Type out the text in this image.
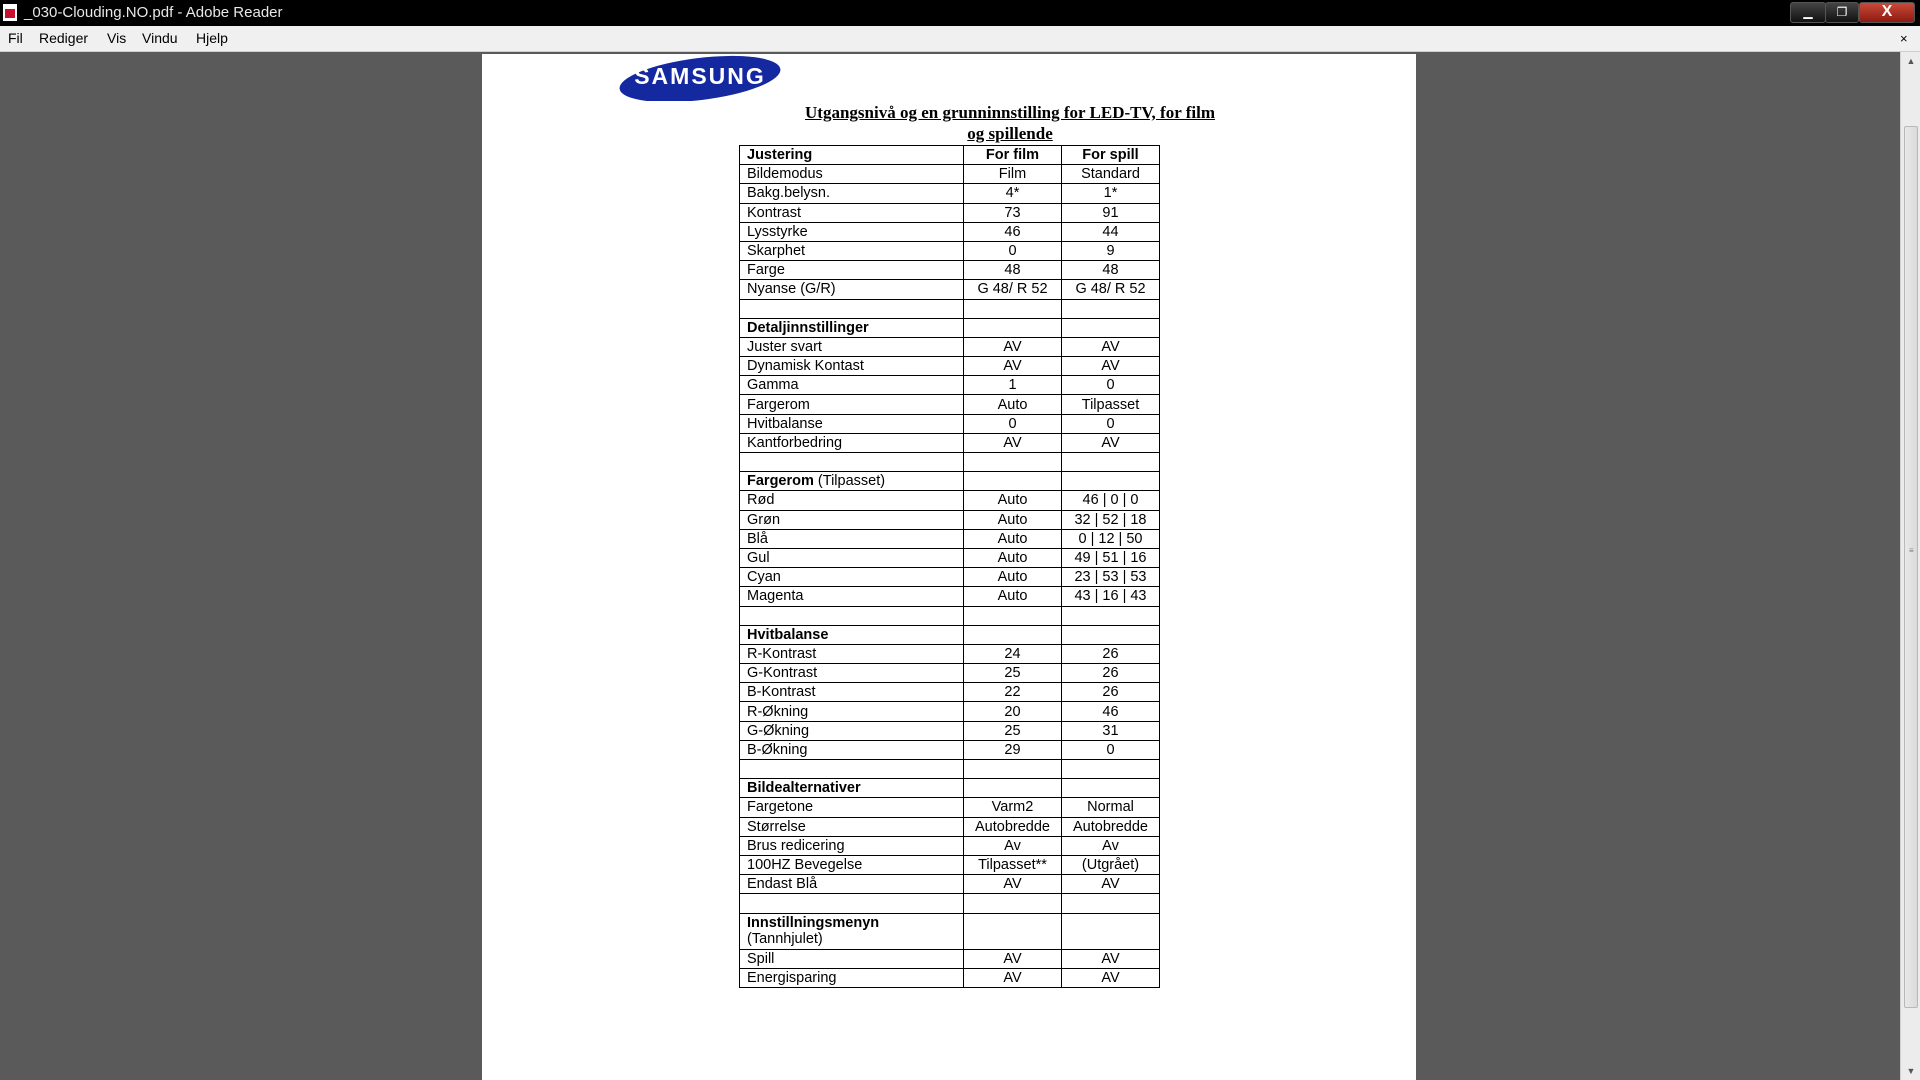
_030-Clouding.NO.pdf - Adobe Reader	▁	❐	X
Fil Rediger Vis Vindu Hjelp	×
▲
≡
▼
SAMSUNG
Utgangsnivå og en grunninnstilling for LED-TV, for film og spillende
Justering	For film	For spill
Bildemodus	Film	Standard
Bakg.belysn.	4*	1*
Kontrast	73	91
Lysstyrke	46	44
Skarphet	0	9
Farge	48	48
Nyanse (G/R)	G 48/ R 52	G 48/ R 52

Detaljinnstillinger		
Juster svart	AV	AV
Dynamisk Kontast	AV	AV
Gamma	1	0
Fargerom	Auto	Tilpasset
Hvitbalanse	0	0
Kantforbedring	AV	AV

Fargerom (Tilpasset)		
Rød	Auto	46 | 0 | 0
Grøn	Auto	32 | 52 | 18
Blå	Auto	0 | 12 | 50
Gul	Auto	49 | 51 | 16
Cyan	Auto	23 | 53 | 53
Magenta	Auto	43 | 16 | 43

Hvitbalanse		
R-Kontrast	24	26
G-Kontrast	25	26
B-Kontrast	22	26
R-Økning	20	46
G-Økning	25	31
B-Økning	29	0

Bildealternativer		
Fargetone	Varm2	Normal
Størrelse	Autobredde	Autobredde
Brus redicering	Av	Av
100HZ Bevegelse	Tilpasset**	(Utgrået)
Endast Blå	AV	AV

Innstillningsmenyn
(Tannhjulet)		

Spill	AV	AV
Energisparing	AV	AV
